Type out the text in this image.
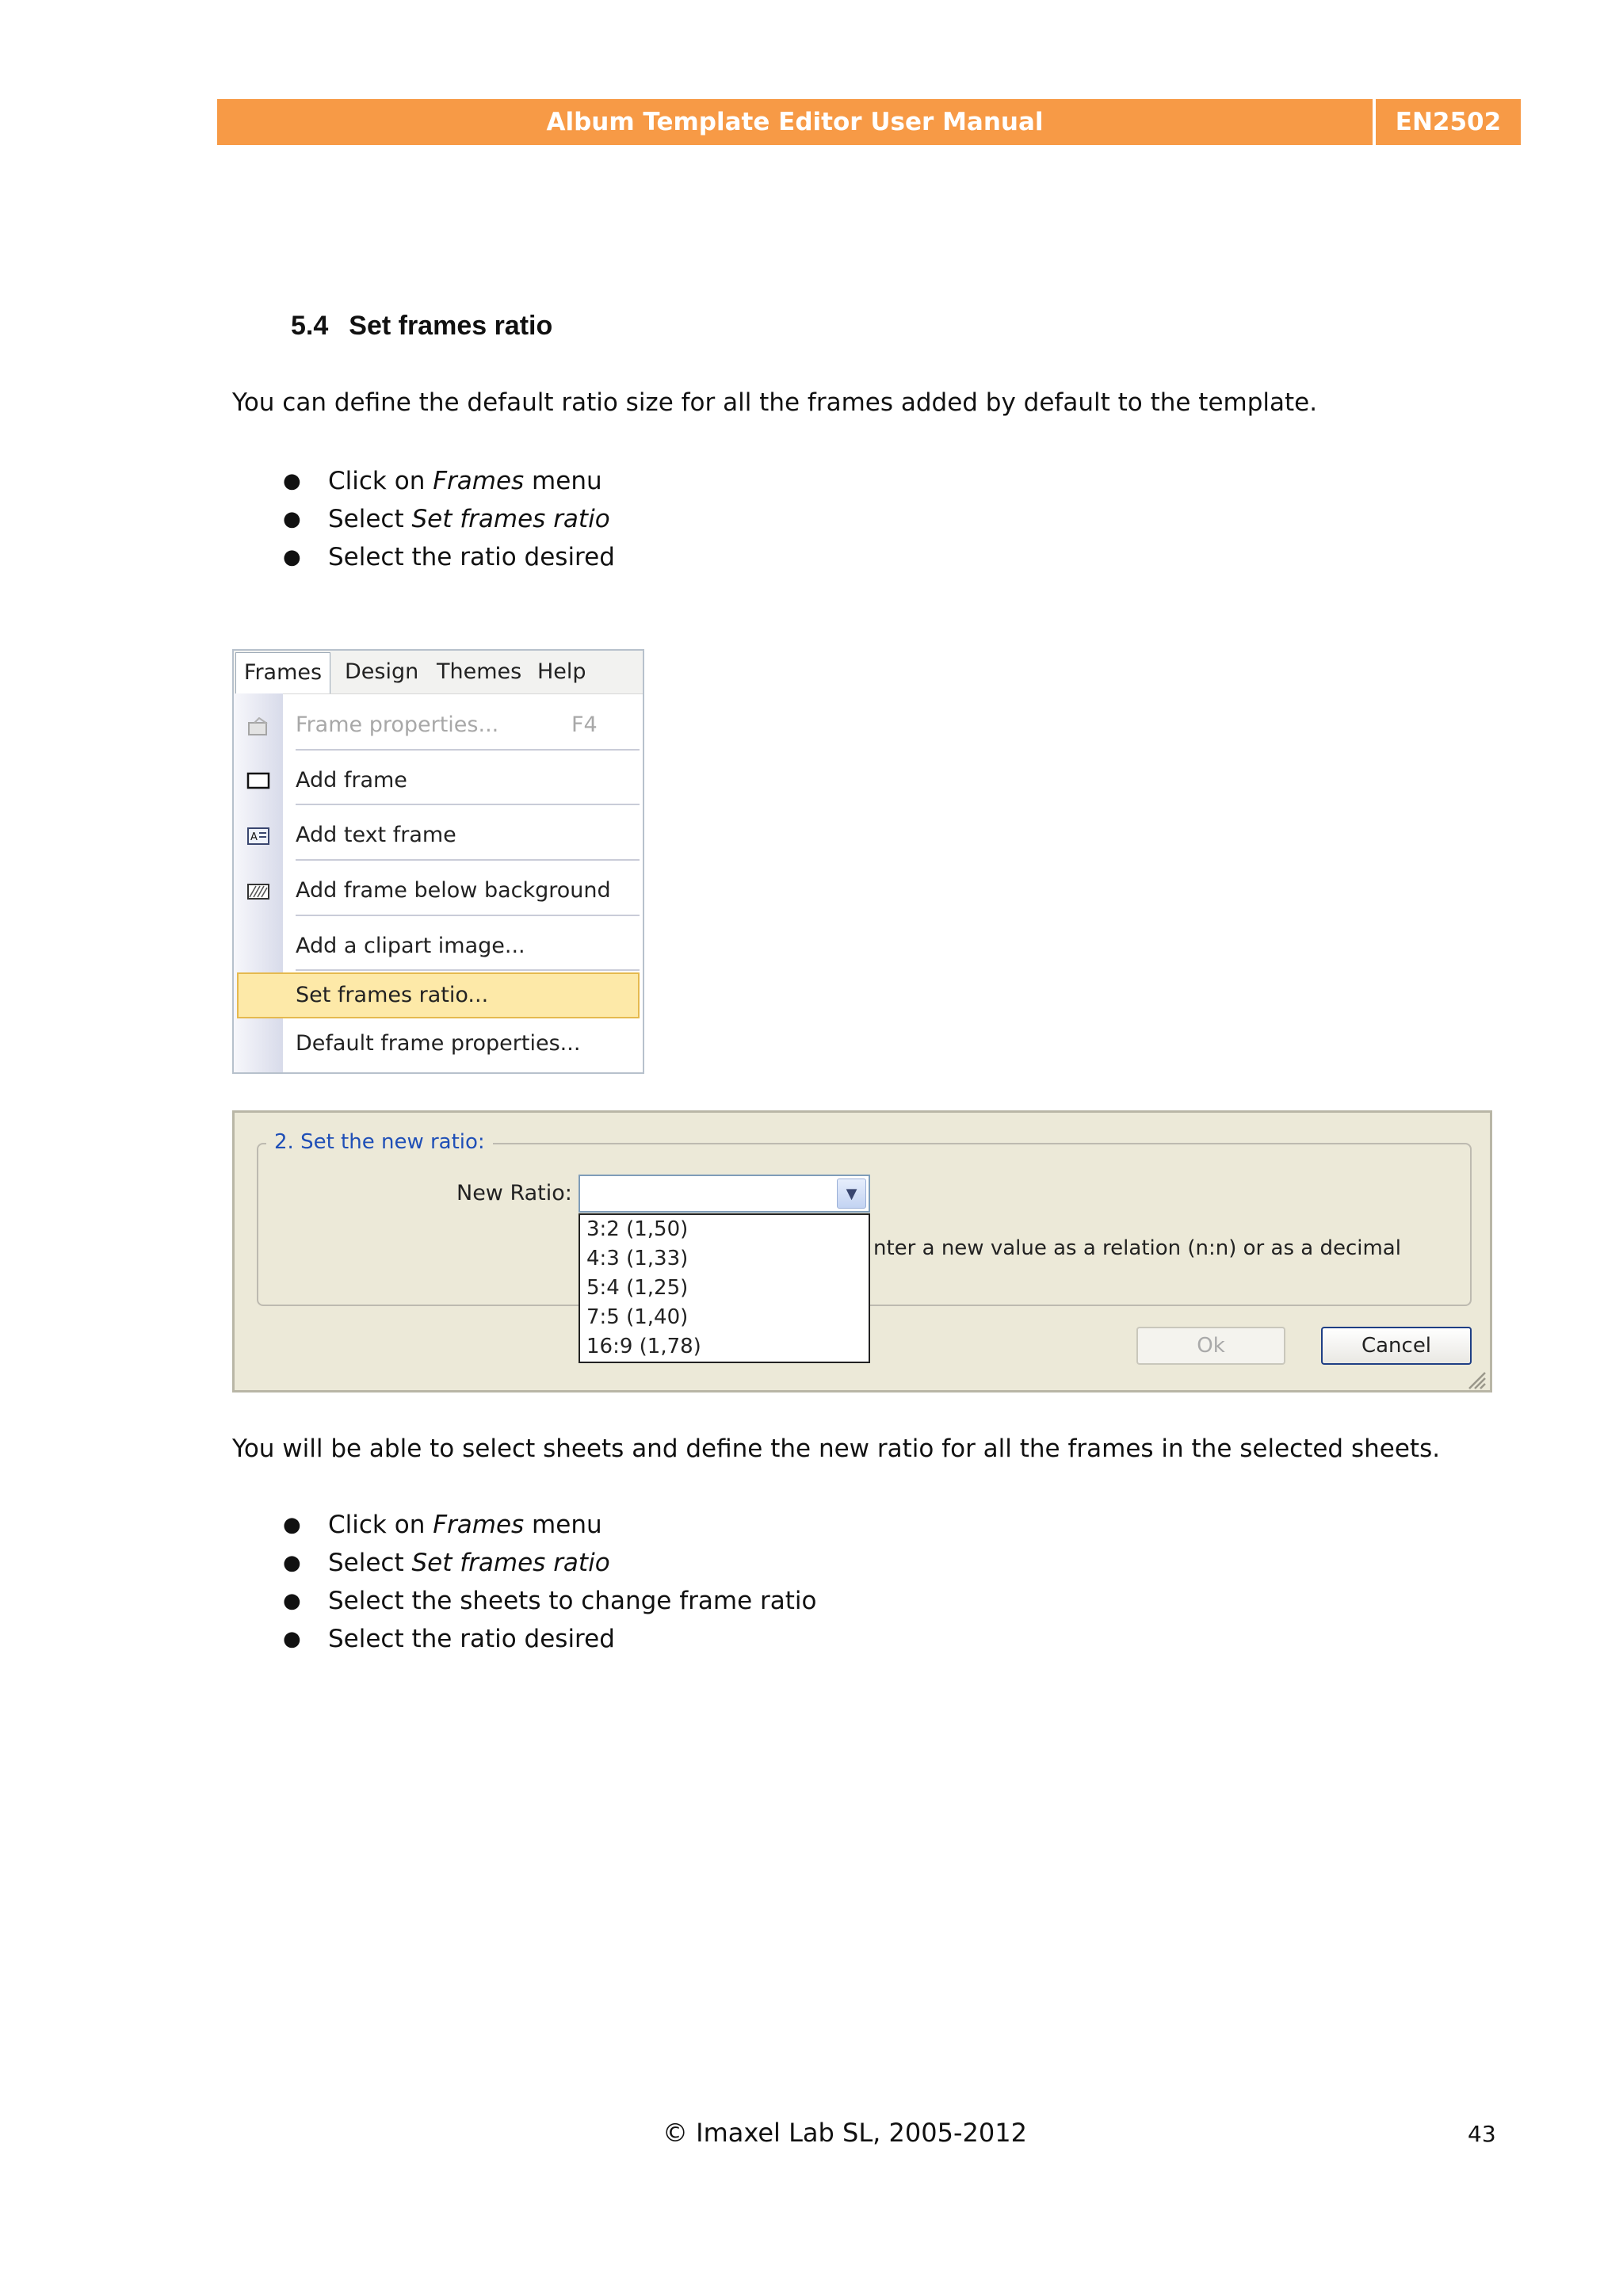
Album Template Editor User Manual	EN2502
5.4 Set frames ratio
You can define the default ratio size for all the frames added by default to the template.
● Click on Frames menu
● Select Set frames ratio
● Select the ratio desired
Frames	Design Themes Help
A
Frame properties...	F4
Add frame
Add text frame
Add frame below background
Add a clipart image...
Set frames ratio...
Default frame properties...
2. Set the new ratio:
New Ratio:	▼
3:2 (1,50)
4:3 (1,33)
5:4 (1,25)
7:5 (1,40)
16:9 (1,78)
nter a new value as a relation (n:n) or as a decimal
Ok	Cancel
You will be able to select sheets and define the new ratio for all the frames in the selected sheets.
● Click on Frames menu
● Select Set frames ratio
● Select the sheets to change frame ratio
● Select the ratio desired
© Imaxel Lab SL, 2005-2012	43
